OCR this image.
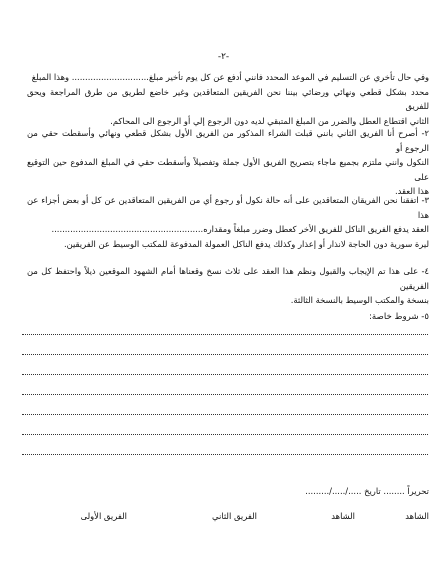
-٢-

وفي حال تأخري عن التسليم في الموعد المحدد فانني أدفع عن كل يوم تأخير مبلغ............................. وهذا المبلغ

محدد بشكل قطعي ونهائي ورضائي بيننا نحن الفريقين المتعاقدين وغير خاضع لطريق من طرق المراجعة ويحق للفريق

الثاني اقتطاع العطل والضرر من المبلغ المتبقي لديه دون الرجوع إلي أو الرجوع الى المحاكم.

٢- أصرح أنا الفريق الثاني بانني قبلت الشراء المذكور من الفريق الأول بشكل قطعي ونهائي وأسقطت حقي من الرجوع أو

النكول وانني ملتزم بجميع ماجاء بتصريح الفريق الأول جملة وتفصيلاً وأسقطت حقي في المبلغ المدفوع حين التوقيع على

هذا العقد.

٣- اتفقنا نحن الفريقان المتعاقدين على أنه حالة نكول أو رجوع أي من الفريقين المتعاقدين عن كل أو بعض أجزاء عن هذا

العقد يدفع الفريق الناكل للفريق الأخر كعطل وضرر مبلغاً ومقداره.........................................................

ليرة سورية دون الحاجة لانذار أو إعذار وكذلك يدفع الناكل العمولة المدفوعة للمكتب الوسيط عن الفريقين.

٤- على هذا تم الإيجاب والقبول ونظم هذا العقد على ثلاث نسخ وقعناها أمام الشهود الموقعين ذيلاً واحتفظ كل من الفريقين

بنسخة والمكتب الوسيط بالنسخة الثالثة.

٥- شروط خاصة:
تحريراً ........ تاريخ ...../...../.........
الشاهد
الشاهد
الفريق الثاني
الفريق الأولى
